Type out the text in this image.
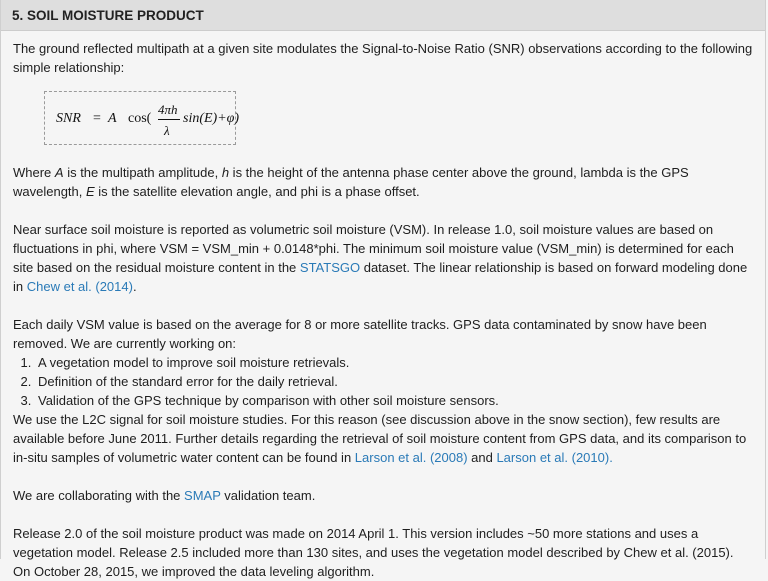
5. SOIL MOISTURE PRODUCT

The ground reflected multipath at a given site modulates the Signal-to-Noise Ratio (SNR) observations according to the following simple relationship:

SNR = A cos(
4πh
λ
sin(E)+φ)

Where A is the multipath amplitude, h is the height of the antenna phase center above the ground, lambda is the GPS wavelength, E is the satellite elevation angle, and phi is a phase offset.

Near surface soil moisture is reported as volumetric soil moisture (VSM). In release 1.0, soil moisture values are based on fluctuations in phi, where VSM = VSM_min + 0.0148*phi. The minimum soil moisture value (VSM_min) is determined for each site based on the residual moisture content in the STATSGO dataset. The linear relationship is based on forward modeling done in Chew et al. (2014).

Each daily VSM value is based on the average for 8 or more satellite tracks. GPS data contaminated by snow have been removed. We are currently working on:

1. A vegetation model to improve soil moisture retrievals.
2. Definition of the standard error for the daily retrieval.
3. Validation of the GPS technique by comparison with other soil moisture sensors.

We use the L2C signal for soil moisture studies. For this reason (see discussion above in the snow section), few results are available before June 2011. Further details regarding the retrieval of soil moisture content from GPS data, and its comparison to in-situ samples of volumetric water content can be found in Larson et al. (2008) and Larson et al. (2010).

We are collaborating with the SMAP validation team.

Release 2.0 of the soil moisture product was made on 2014 April 1. This version includes ~50 more stations and uses a vegetation model. Release 2.5 included more than 130 sites, and uses the vegetation model described by Chew et al. (2015). On October 28, 2015, we improved the data leveling algorithm.
